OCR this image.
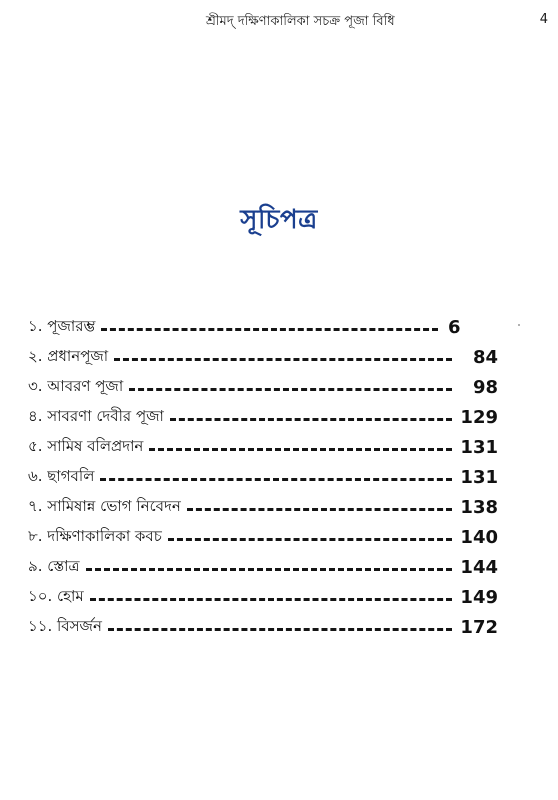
শ্রীমদ্ দক্ষিণাকালিকা সচক্র পূজা বিধি	4
সূচিপত্র
১. পূজারম্ভ	6
২. প্রধানপূজা	84
৩. আবরণ পূজা	98
৪. সাবরণা দেবীর পূজা	129
৫. সামিষ বলিপ্রদান	131
৬. ছাগবলি	131
৭. সামিষান্ন ভোগ নিবেদন	138
৮. দক্ষিণাকালিকা কবচ	140
৯. স্তোত্র	144
১০. হোম	149
১১. বিসর্জন	172
